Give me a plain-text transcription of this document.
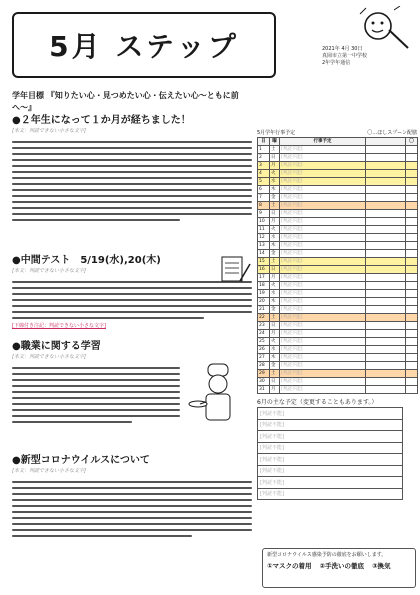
5月 ステップ	2021年 4月 30日
真岡市立第一中学校
2年学年通信
学年目標 『知りたい心・見つめたい心・伝えたい心〜ともに前へ〜』
●２年生になって１か月が経ちました！
[本文：判読できない小さな文字]
●中間テスト　5/19(水),20(木)
[本文：判読できない小さな文字]
[下線付き注記：判読できない小さな文字]
●職業に関する学習
[本文：判読できない小さな文字]
●新型コロナウイルスについて
[本文：判読できない小さな文字]
5月学年行事予定	〇…ほしスプーン配膳
日	曜	行事予定		〇
1	土	[判読不能]		
2	日	[判読不能]		
3	月	[判読不能]		
4	火	[判読不能]		
5	水	[判読不能]		
6	木	[判読不能]		
7	金	[判読不能]		
8	土	[判読不能]		
9	日	[判読不能]		
10	月	[判読不能]		
11	火	[判読不能]		
12	水	[判読不能]		
13	木	[判読不能]		
14	金	[判読不能]		
15	土	[判読不能]		
16	日	[判読不能]		
17	月	[判読不能]		
18	火	[判読不能]		
19	水	[判読不能]		
20	木	[判読不能]		
21	金	[判読不能]		
22	土	[判読不能]		
23	日	[判読不能]		
24	月	[判読不能]		
25	火	[判読不能]		
26	水	[判読不能]		
27	木	[判読不能]		
28	金	[判読不能]		
29	土	[判読不能]		
30	日	[判読不能]		
31	月	[判読不能]		
6月の主な予定（変更することもあります。）
[判読不能]
[判読不能]
[判読不能]
[判読不能]
[判読不能]
[判読不能]
[判読不能]
[判読不能]
新型コロナウイルス感染予防の徹底をお願いします。
①マスクの着用 ②手洗いの徹底 ③換気
